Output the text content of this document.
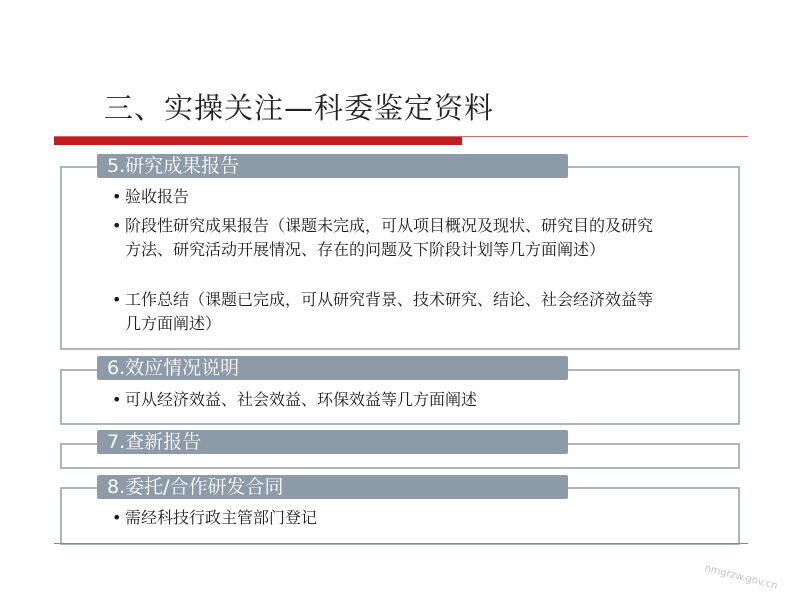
三、实操关注—科委鉴定资料
5.研究成果报告
• 验收报告
• 阶段性研究成果报告（课题未完成，可从项目概况及现状、研究目的及研究方法、研究活动开展情况、存在的问题及下阶段计划等几方面阐述）
• 工作总结（课题已完成，可从研究背景、技术研究、结论、社会经济效益等几方面阐述）
6.效应情况说明
• 可从经济效益、社会效益、环保效益等几方面阐述
7.查新报告
8.委托/合作研发合同
• 需经科技行政主管部门登记
nmgrzw.gov.cn
